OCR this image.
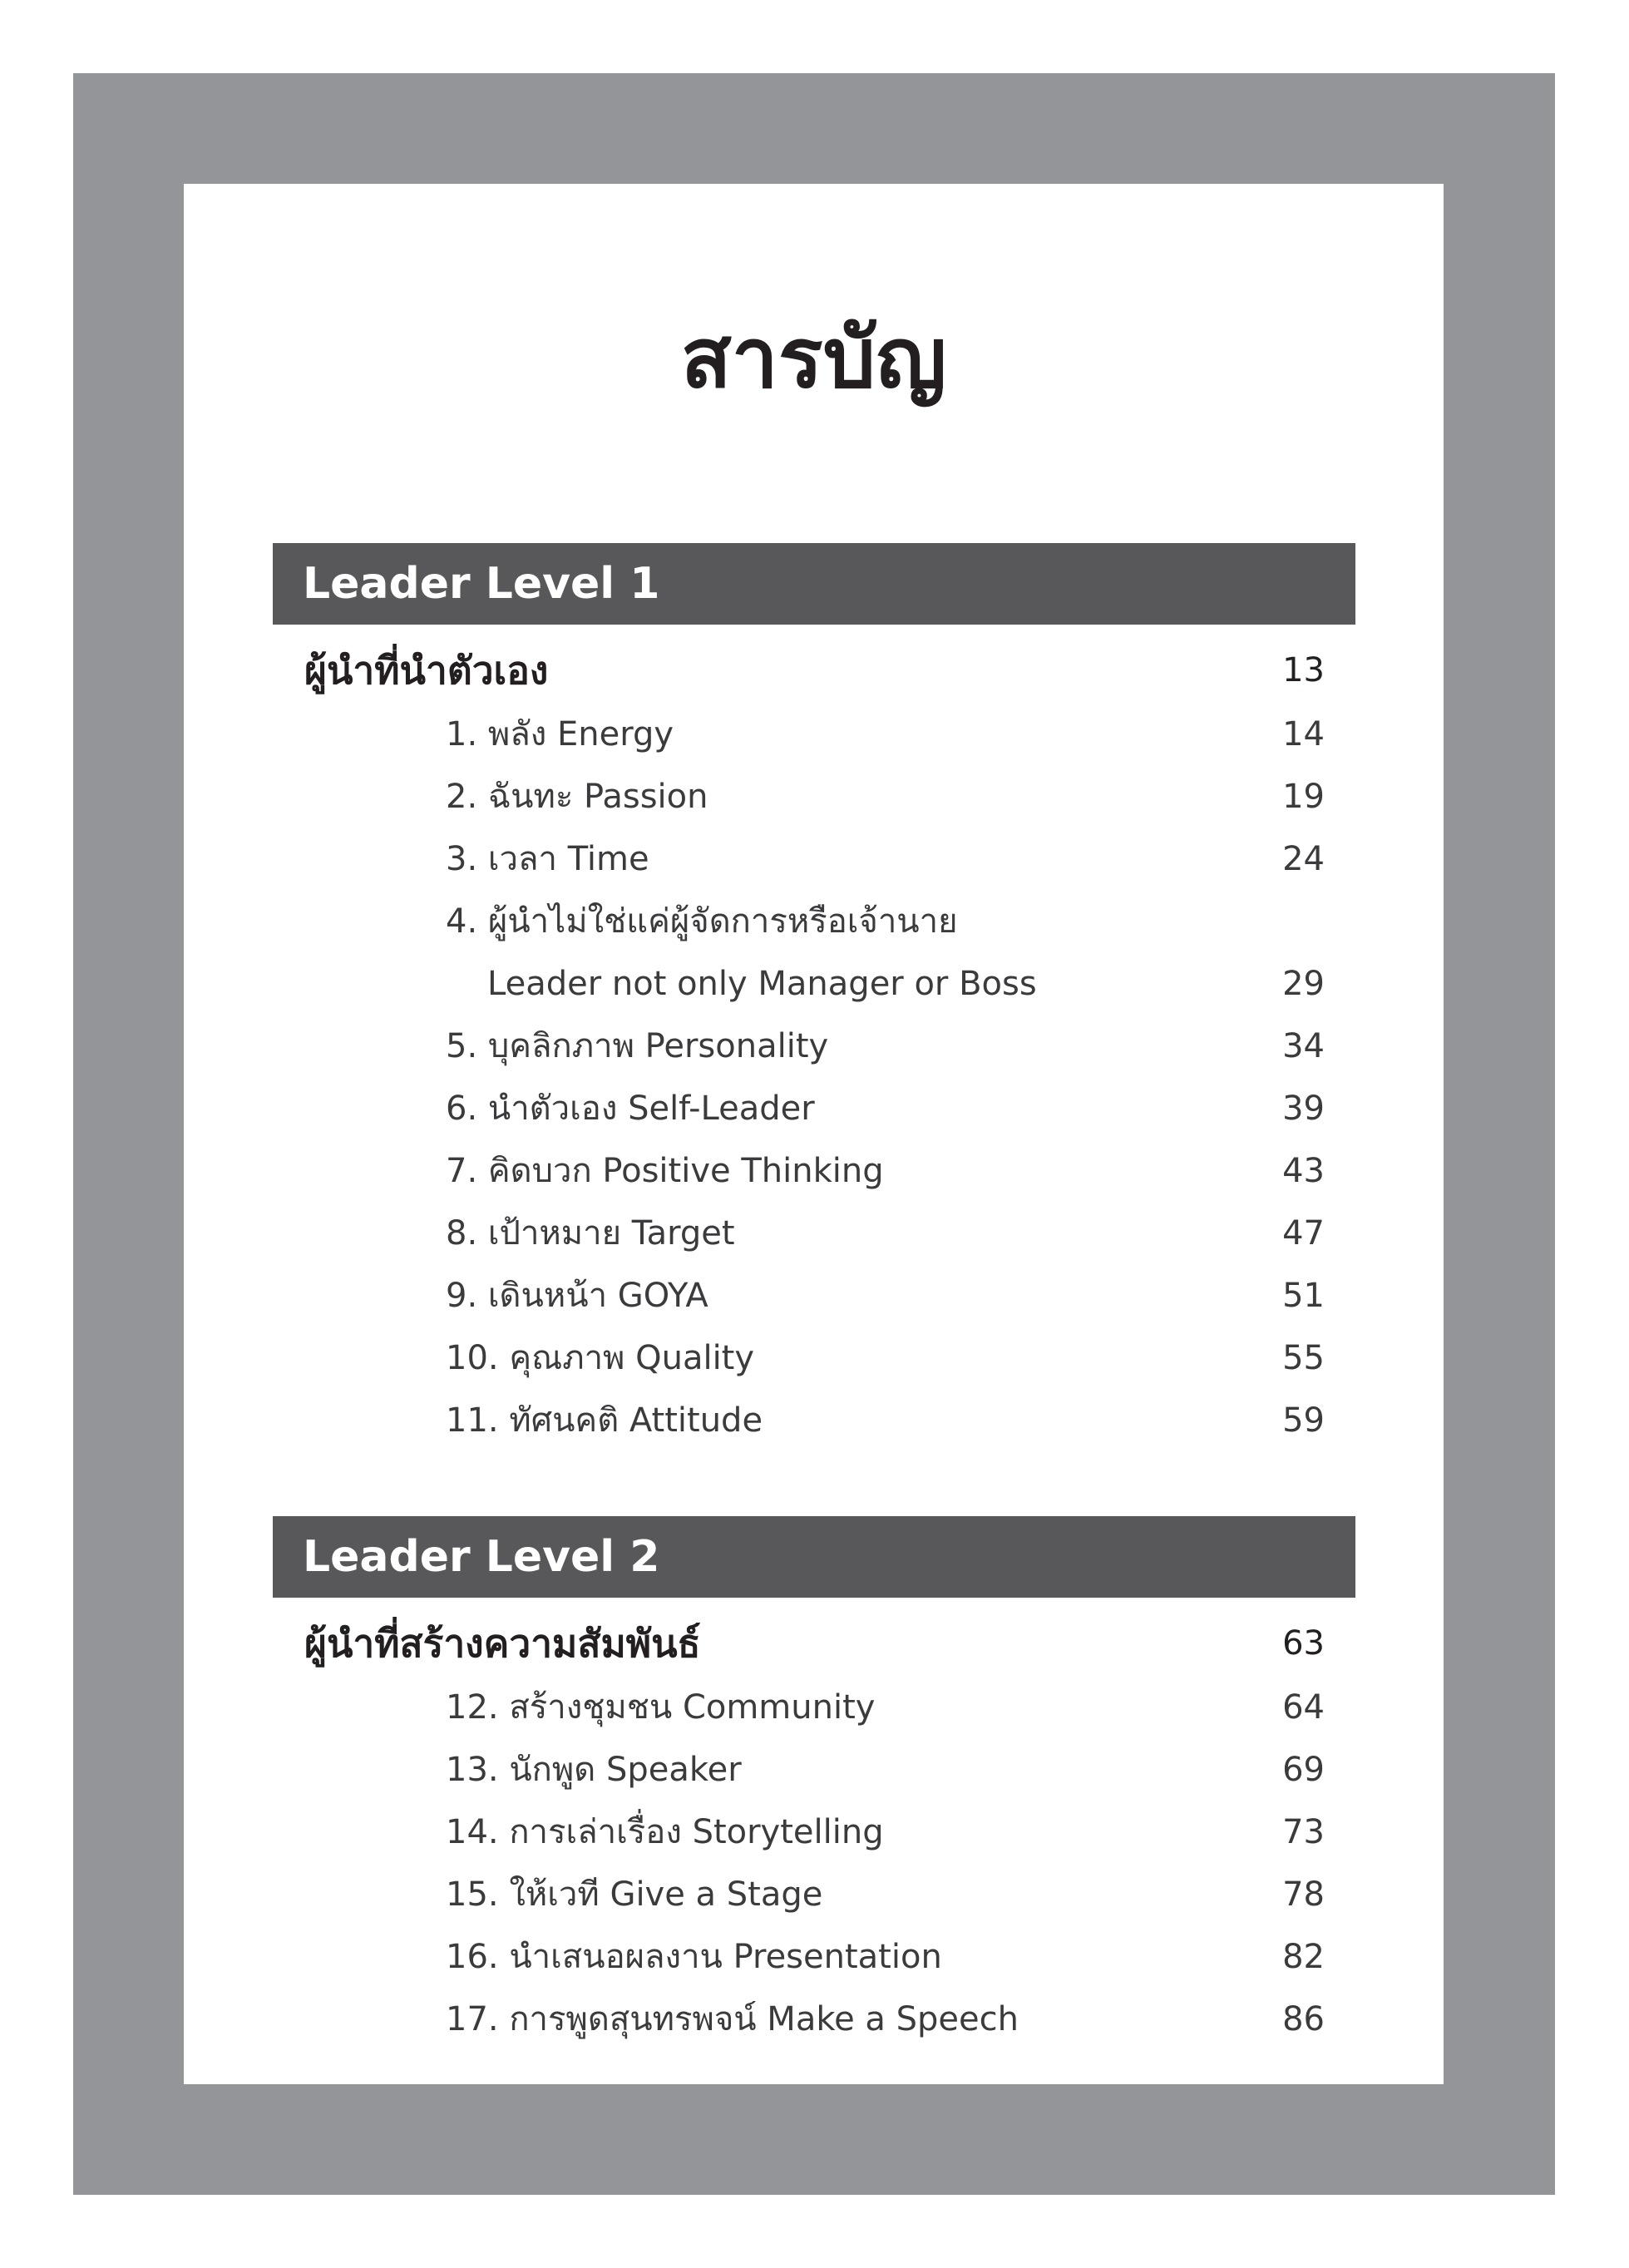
สารบัญ
Leader Level 1
ผู้นำที่นำตัวเอง	13
1. พลัง Energy	14
2. ฉันทะ Passion	19
3. เวลา Time	24
4. ผู้นำไม่ใช่แค่ผู้จัดการหรือเจ้านาย
Leader not only Manager or Boss	29
5. บุคลิกภาพ Personality	34
6. นำตัวเอง Self-Leader	39
7. คิดบวก Positive Thinking	43
8. เป้าหมาย Target	47
9. เดินหน้า GOYA	51
10. คุณภาพ Quality	55
11. ทัศนคติ Attitude	59
Leader Level 2
ผู้นำที่สร้างความสัมพันธ์	63
12. สร้างชุมชน Community	64
13. นักพูด Speaker	69
14. การเล่าเรื่อง Storytelling	73
15. ให้เวที Give a Stage	78
16. นำเสนอผลงาน Presentation	82
17. การพูดสุนทรพจน์ Make a Speech	86
